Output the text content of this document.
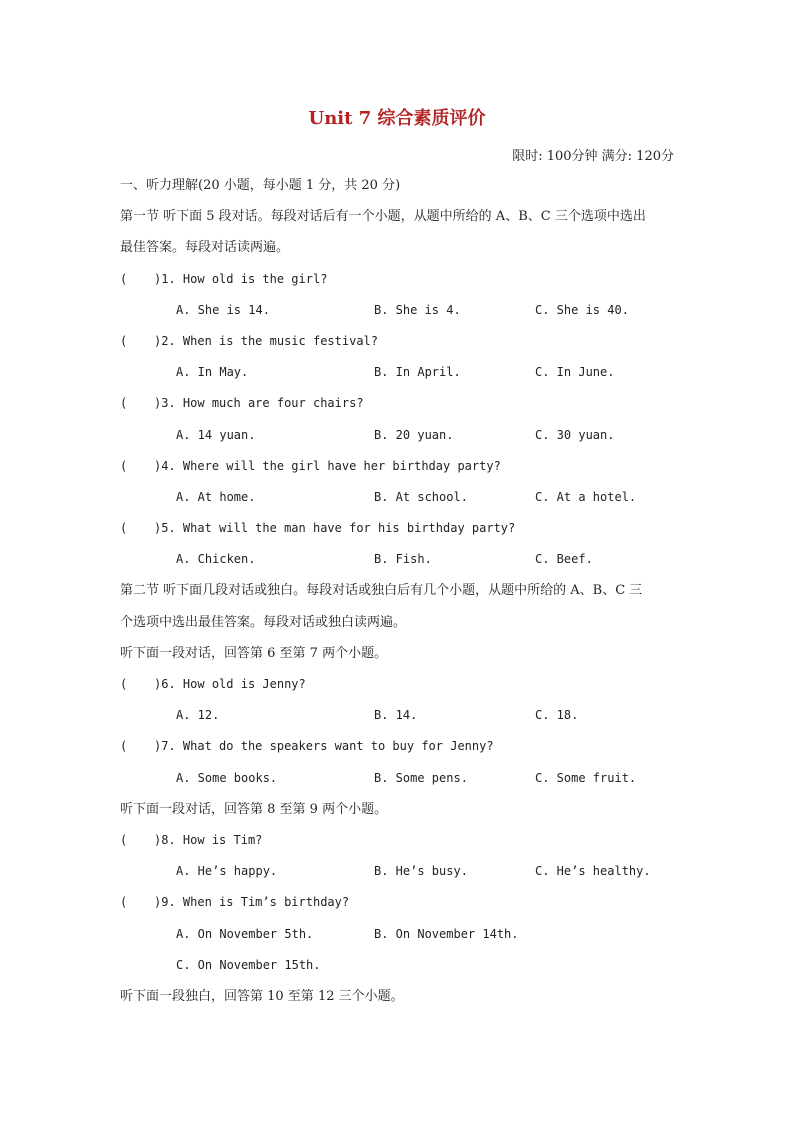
Unit 7 综合素质评价
限时: 100分钟 满分: 120分
一、听力理解(20 小题，每小题 1 分，共 20 分)
第一节 听下面 5 段对话。每段对话后有一个小题，从题中所给的 A、B、C 三个选项中选出
最佳答案。每段对话读两遍。
( )1. How old is the girl?
A. She is 14.	B. She is 4.	C. She is 40.
( )2. When is the music festival?
A. In May.	B. In April.	C. In June.
( )3. How much are four chairs?
A. 14 yuan.	B. 20 yuan.	C. 30 yuan.
( )4. Where will the girl have her birthday party?
A. At home.	B. At school.	C. At a hotel.
( )5. What will the man have for his birthday party?
A. Chicken.	B. Fish.	C. Beef.
第二节 听下面几段对话或独白。每段对话或独白后有几个小题，从题中所给的 A、B、C 三
个选项中选出最佳答案。每段对话或独白读两遍。
听下面一段对话，回答第 6 至第 7 两个小题。
( )6. How old is Jenny?
A. 12.	B. 14.	C. 18.
( )7. What do the speakers want to buy for Jenny?
A. Some books.	B. Some pens.	C. Some fruit.
听下面一段对话，回答第 8 至第 9 两个小题。
( )8. How is Tim?
A. He’s happy.	B. He’s busy.	C. He’s healthy.
( )9. When is Tim’s birthday?
A. On November 5th.	B. On November 14th.
C. On November 15th.
听下面一段独白，回答第 10 至第 12 三个小题。
